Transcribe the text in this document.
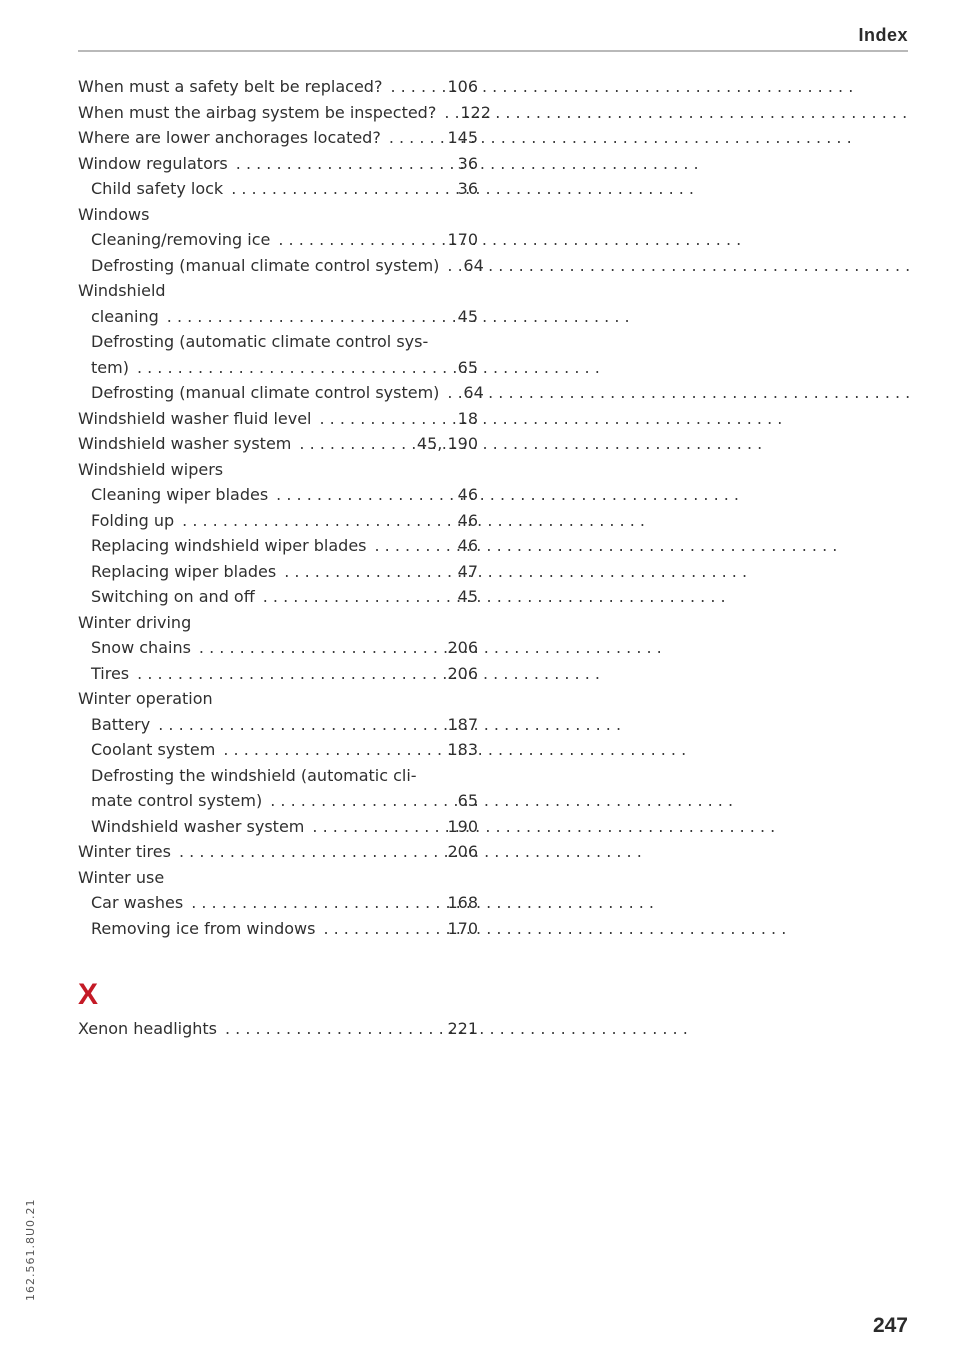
Index
When must a safety belt be replaced? . . .	106
When must the airbag system be inspected? . . . 122
Where are lower anchorages located? . . .	145
Window regulators . . .	36
Child safety lock . . .	36
Windows
Cleaning/removing ice . . .	170
Defrosting (manual climate control system) . . . 64
Windshield
cleaning . . .	45
Defrosting (automatic climate control sys-
tem) . . .	65
Defrosting (manual climate control system) . . . 64
Windshield washer fluid level . . .	18
Windshield washer system . . .	45, 190
Windshield wipers
Cleaning wiper blades . . .	46
Folding up . . .	46
Replacing windshield wiper blades . . .	46
Replacing wiper blades . . .	47
Switching on and off . . .	45
Winter driving
Snow chains . . .	206
Tires . . .	206
Winter operation
Battery . . .	187
Coolant system . . .	183
Defrosting the windshield (automatic cli-
mate control system) . . .	65
Windshield washer system . . .	190
Winter tires . . .	206
Winter use
Car washes . . .	168
Removing ice from windows . . .	170
X
Xenon headlights . . .	221
162.561.8U0.21
247
